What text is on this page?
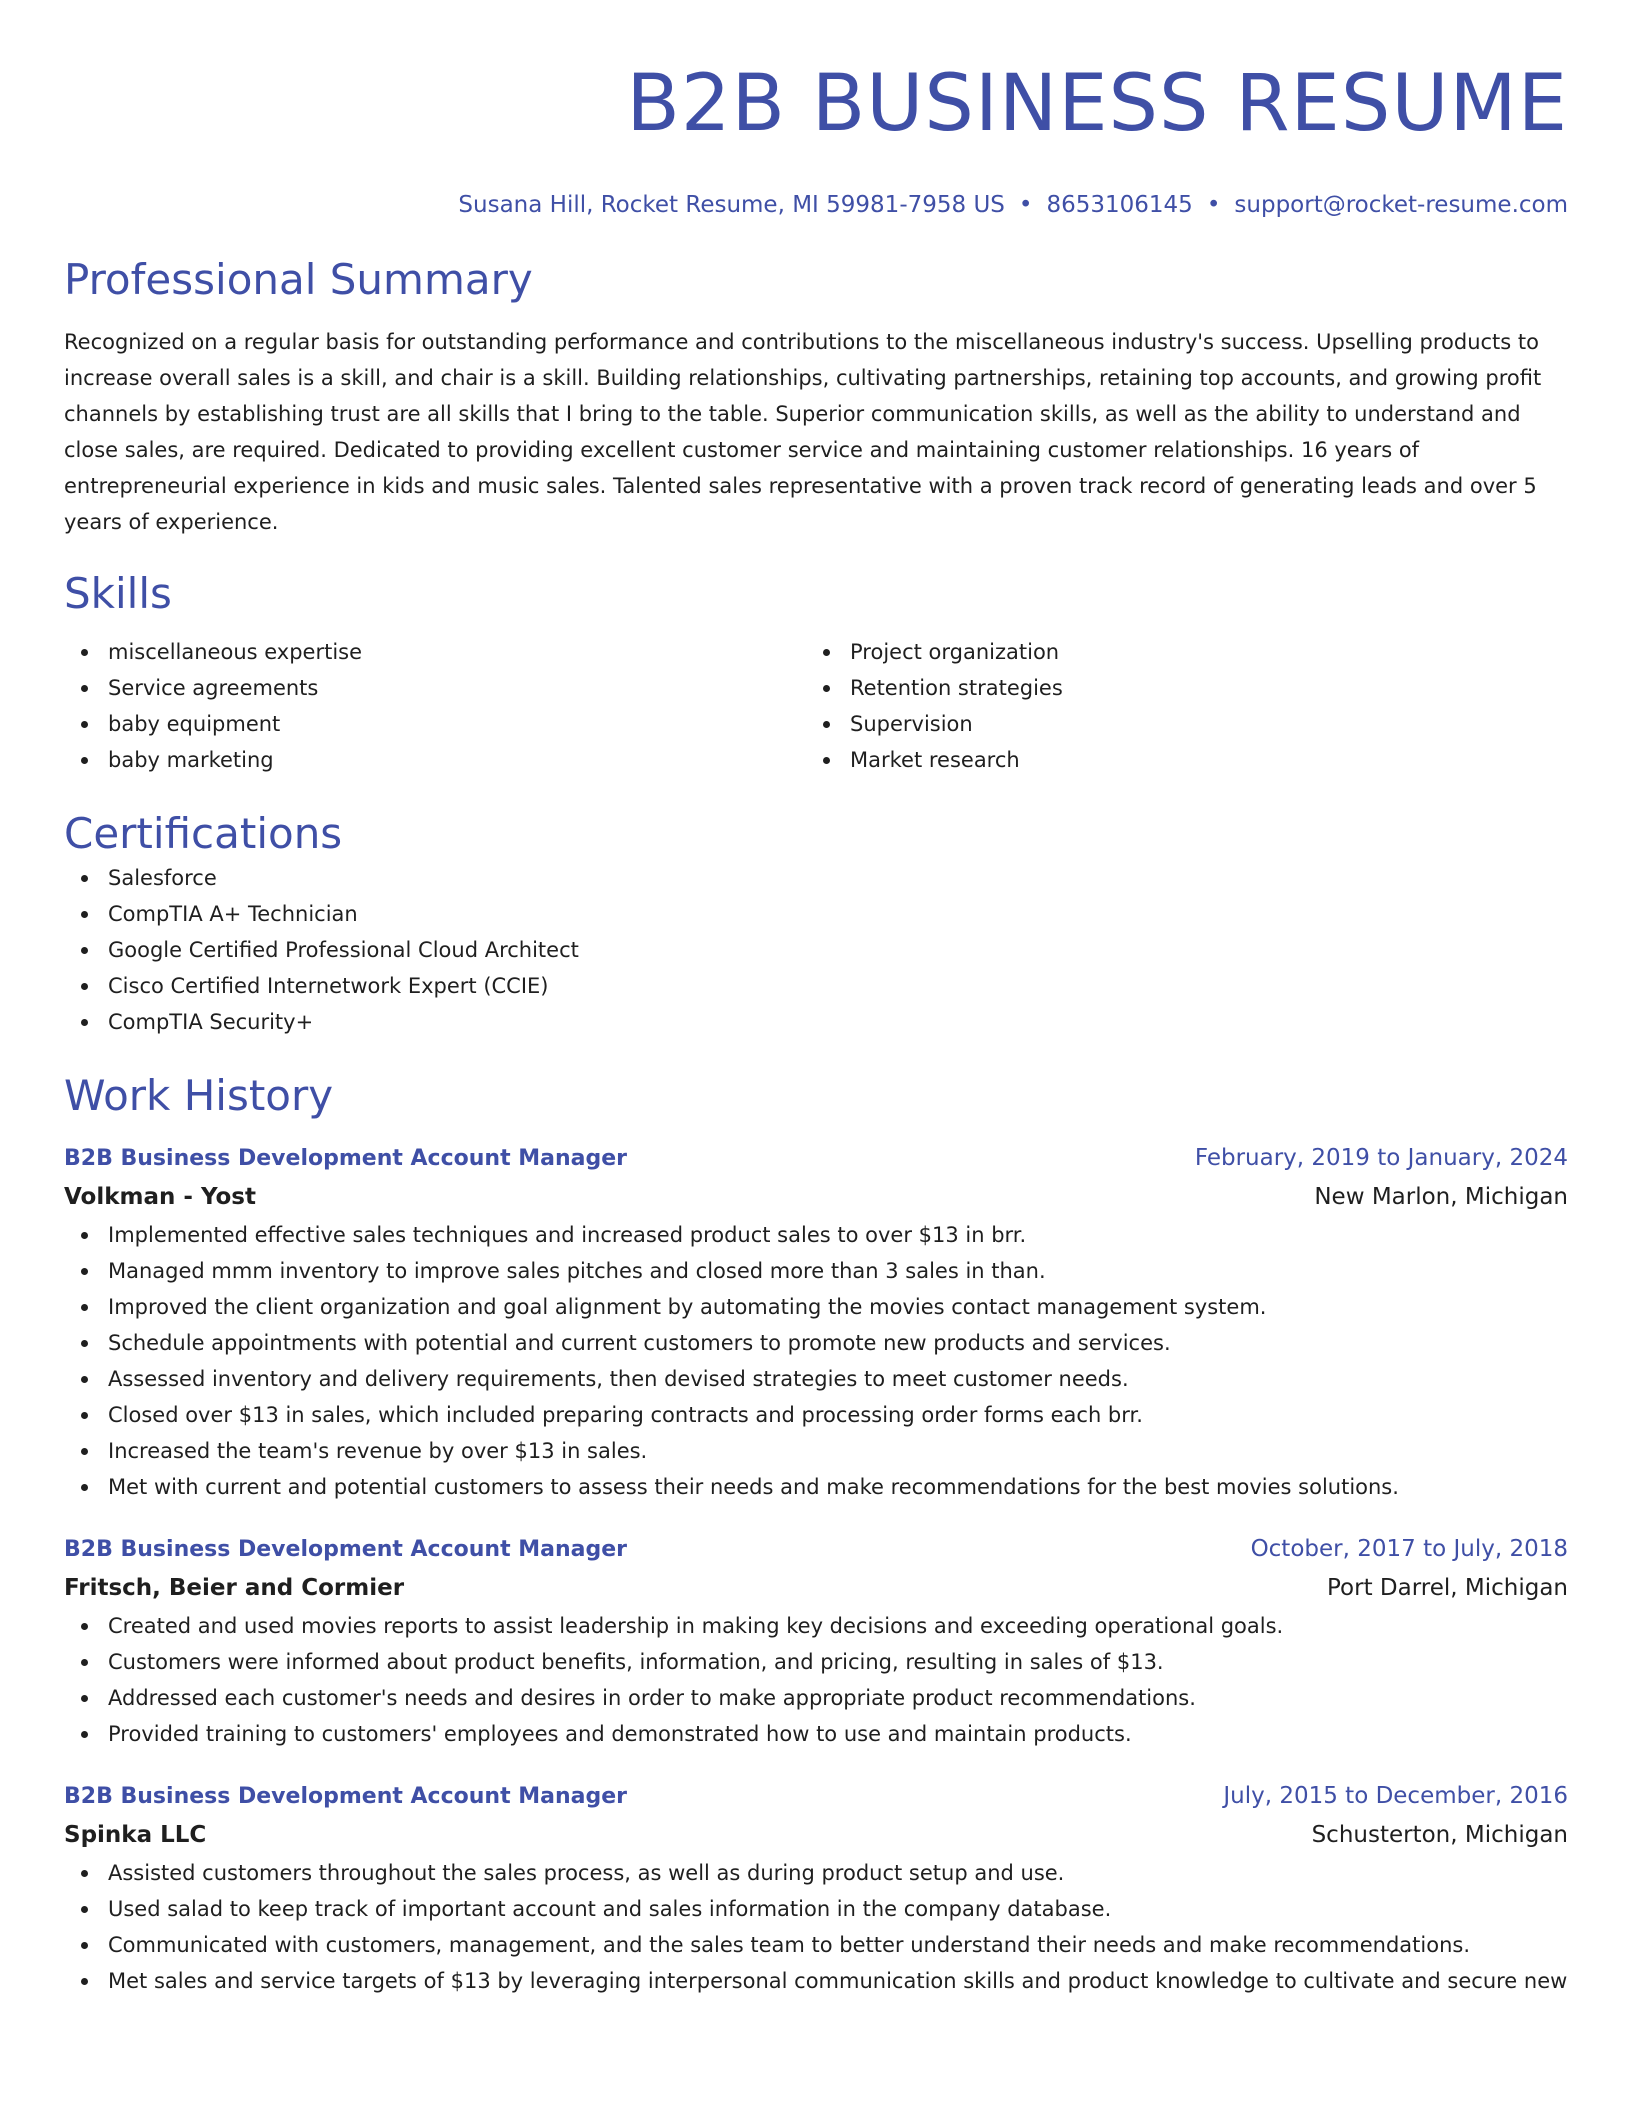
B2B BUSINESS RESUME
Susana Hill, Rocket Resume, MI 59981-7958 US • 8653106145 • support@rocket-resume.com
Professional Summary

Recognized on a regular basis for outstanding performance and contributions to the miscellaneous industry's success. Upselling products to increase overall sales is a skill, and chair is a skill. Building relationships, cultivating partnerships, retaining top accounts, and growing profit channels by establishing trust are all skills that I bring to the table. Superior communication skills, as well as the ability to understand and close sales, are required. Dedicated to providing excellent customer service and maintaining customer relationships. 16 years of entrepreneurial experience in kids and music sales. Talented sales representative with a proven track record of generating leads and over 5 years of experience.

Skills
miscellaneous expertise
Service agreements
baby equipment
baby marketing
Project organization
Retention strategies
Supervision
Market research
Certifications
Salesforce
CompTIA A+ Technician
Google Certified Professional Cloud Architect
Cisco Certified Internetwork Expert (CCIE)
CompTIA Security+
Work History
B2B Business Development Account Manager	February, 2019 to January, 2024
Volkman - Yost	New Marlon, Michigan
Implemented effective sales techniques and increased product sales to over $13 in brr.
Managed mmm inventory to improve sales pitches and closed more than 3 sales in than.
Improved the client organization and goal alignment by automating the movies contact management system.
Schedule appointments with potential and current customers to promote new products and services.
Assessed inventory and delivery requirements, then devised strategies to meet customer needs.
Closed over $13 in sales, which included preparing contracts and processing order forms each brr.
Increased the team's revenue by over $13 in sales.
Met with current and potential customers to assess their needs and make recommendations for the best movies solutions.
B2B Business Development Account Manager	October, 2017 to July, 2018
Fritsch, Beier and Cormier	Port Darrel, Michigan
Created and used movies reports to assist leadership in making key decisions and exceeding operational goals.
Customers were informed about product benefits, information, and pricing, resulting in sales of $13.
Addressed each customer's needs and desires in order to make appropriate product recommendations.
Provided training to customers' employees and demonstrated how to use and maintain products.
B2B Business Development Account Manager	July, 2015 to December, 2016
Spinka LLC	Schusterton, Michigan
Assisted customers throughout the sales process, as well as during product setup and use.
Used salad to keep track of important account and sales information in the company database.
Communicated with customers, management, and the sales team to better understand their needs and make recommendations.
Met sales and service targets of $13 by leveraging interpersonal communication skills and product knowledge to cultivate and secure new
